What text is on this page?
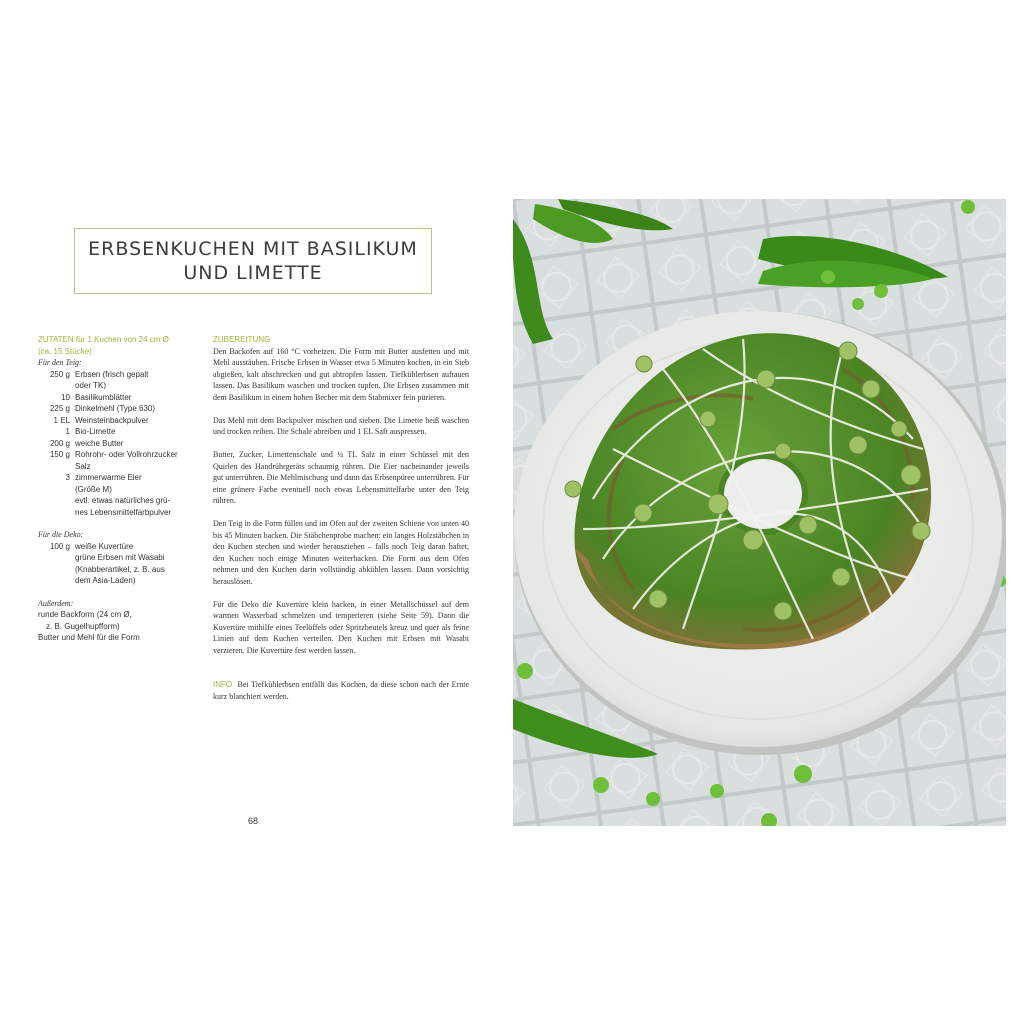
ERBSENKUCHEN MIT BASILIKUM
UND LIMETTE
ZUTATEN für 1 Kuchen von 24 cm Ø
(ca. 15 Stücke)
Für den Teig:
250 g Erbsen (frisch gepalt
oder TK)
10 Basilikumblätter
225 g Dinkelmehl (Type 630)
1 EL Weinsteinbackpulver
1 Bio-Limette
200 g weiche Butter
150 g Rohrohr- oder Vollrohrzucker
Salz
3 zimmerwarme Eier
(Größe M)
evtl. etwas natürliches grü-
nes Lebensmittelfarbpulver
Für die Deko:
100 g weiße Kuvertüre
grüne Erbsen mit Wasabi
(Knabberartikel, z. B. aus
dem Asia-Laden)
Außerdem:
runde Backform (24 cm Ø,
z. B. Gugelhupfform)
Butter und Mehl für die Form
ZUBEREITUNG

Den Backofen auf 160 °C vorheizen. Die Form mit Butter ausfetten und mit Mehl ausstäuben. Frische Erbsen in Wasser etwa 5 Minuten kochen, in ein Sieb abgießen, kalt abschrecken und gut abtropfen lassen. Tiefkühlerbsen auftauen lassen. Das Basilikum waschen und trocken tupfen. Die Erbsen zusammen mit dem Basilikum in einem hohen Becher mit dem Stabmixer fein pürieren.

Das Mehl mit dem Backpulver mischen und sieben. Die Limette heiß waschen und trocken reiben. Die Schale abreiben und 1 EL Saft auspressen.

Butter, Zucker, Limettenschale und ¼ TL Salz in einer Schüssel mit den Quirlen des Handrührgeräts schaumig rühren. Die Eier nacheinander jeweils gut unterrühren. Die Mehlmischung und dann das Erbsenpüree unterrühren. Für eine grünere Farbe eventuell noch etwas Lebensmittelfarbe unter den Teig rühren.

Den Teig in die Form füllen und im Ofen auf der zweiten Schiene von unten 40 bis 45 Minuten backen. Die Stäbchenprobe machen: ein langes Holzstäbchen in den Kuchen stechen und wieder herausziehen – falls noch Teig daran haftet, den Kuchen noch einige Minuten weiterbacken. Die Form aus dem Ofen nehmen und den Kuchen darin vollständig abkühlen lassen. Dann vorsichtig herauslösen.

Für die Deko die Kuvertüre klein hacken, in einer Metallschüssel auf dem warmen Wasserbad schmelzen und temperieren (siehe Seite 59). Dann die Kuvertüre mithilfe eines Teelöffels oder Spritzbeutels kreuz und quer als feine Linien auf dem Kuchen verteilen. Den Kuchen mit Erbsen mit Wasabi verzieren. Die Kuvertüre fest werden lassen.

INFO Bei Tiefkühlerbsen entfällt das Kochen, da diese schon nach der Ernte kurz blanchiert werden.

68
